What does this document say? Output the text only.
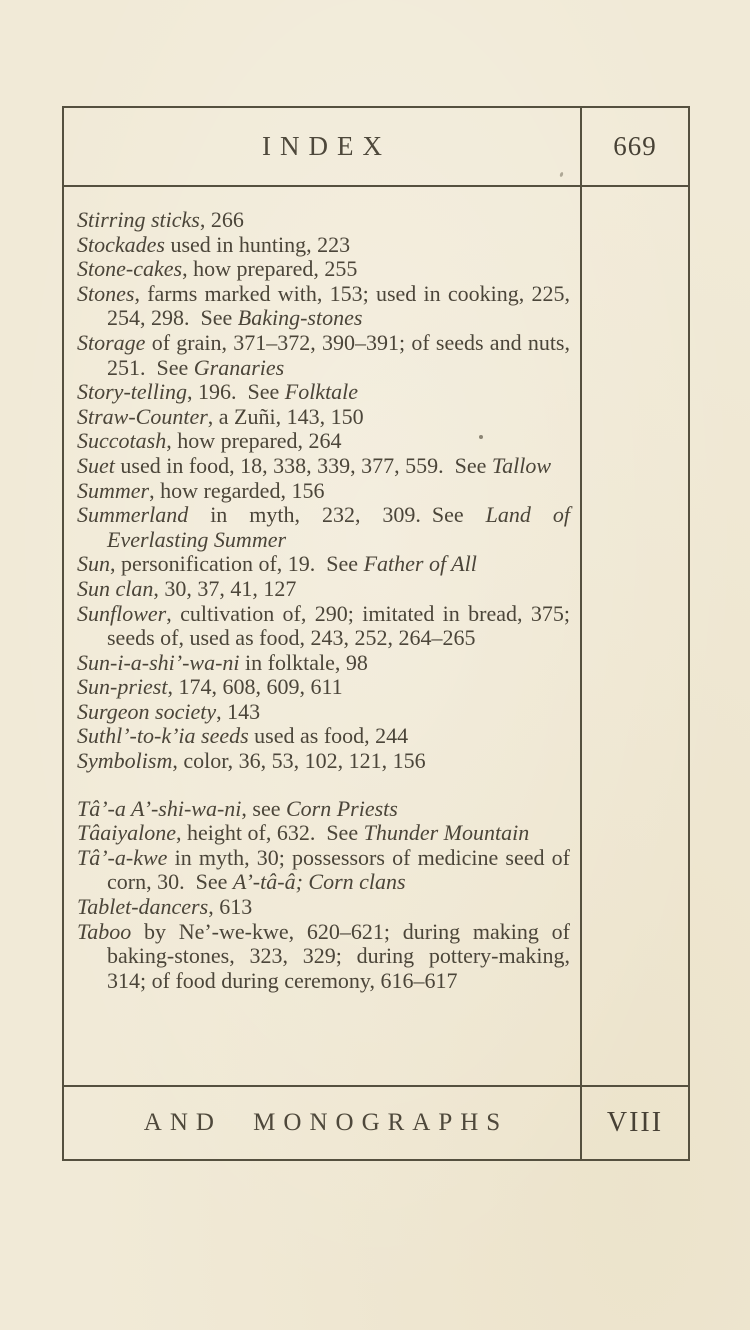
INDEX	669

Stirring sticks, 266

Stockades used in hunting, 223

Stone-cakes, how prepared, 255

Stones, farms marked with, 153; used in cooking, 225, 254, 298. See Baking-stones

Storage of grain, 371–372, 390–391; of seeds and nuts, 251. See Granaries

Story-telling, 196. See Folktale

Straw-Counter, a Zuñi, 143, 150

Succotash, how prepared, 264

Suet used in food, 18, 338, 339, 377, 559. See Tallow

Summer, how regarded, 156

Summerland in myth, 232, 309. See Land of Everlasting Summer

Sun, personification of, 19. See Father of All

Sun clan, 30, 37, 41, 127

Sunflower, cultivation of, 290; imitated in bread, 375; seeds of, used as food, 243, 252, 264–265

Sun-i-a-shi’-wa-ni in folktale, 98

Sun-priest, 174, 608, 609, 611

Surgeon society, 143

Suthl’-to-k’ia seeds used as food, 244

Symbolism, color, 36, 53, 102, 121, 156

Tâ’-a A’-shi-wa-ni, see Corn Priests

Tâaiyalone, height of, 632. See Thunder Mountain

Tâ’-a-kwe in myth, 30; possessors of medicine seed of corn, 30. See A’-tâ-â; Corn clans

Tablet-dancers, 613

Taboo by Ne’-we-kwe, 620–621; during making of baking-stones, 323, 329; during pottery-making, 314; of food during ceremony, 616–617

AND MONOGRAPHS	VIII
